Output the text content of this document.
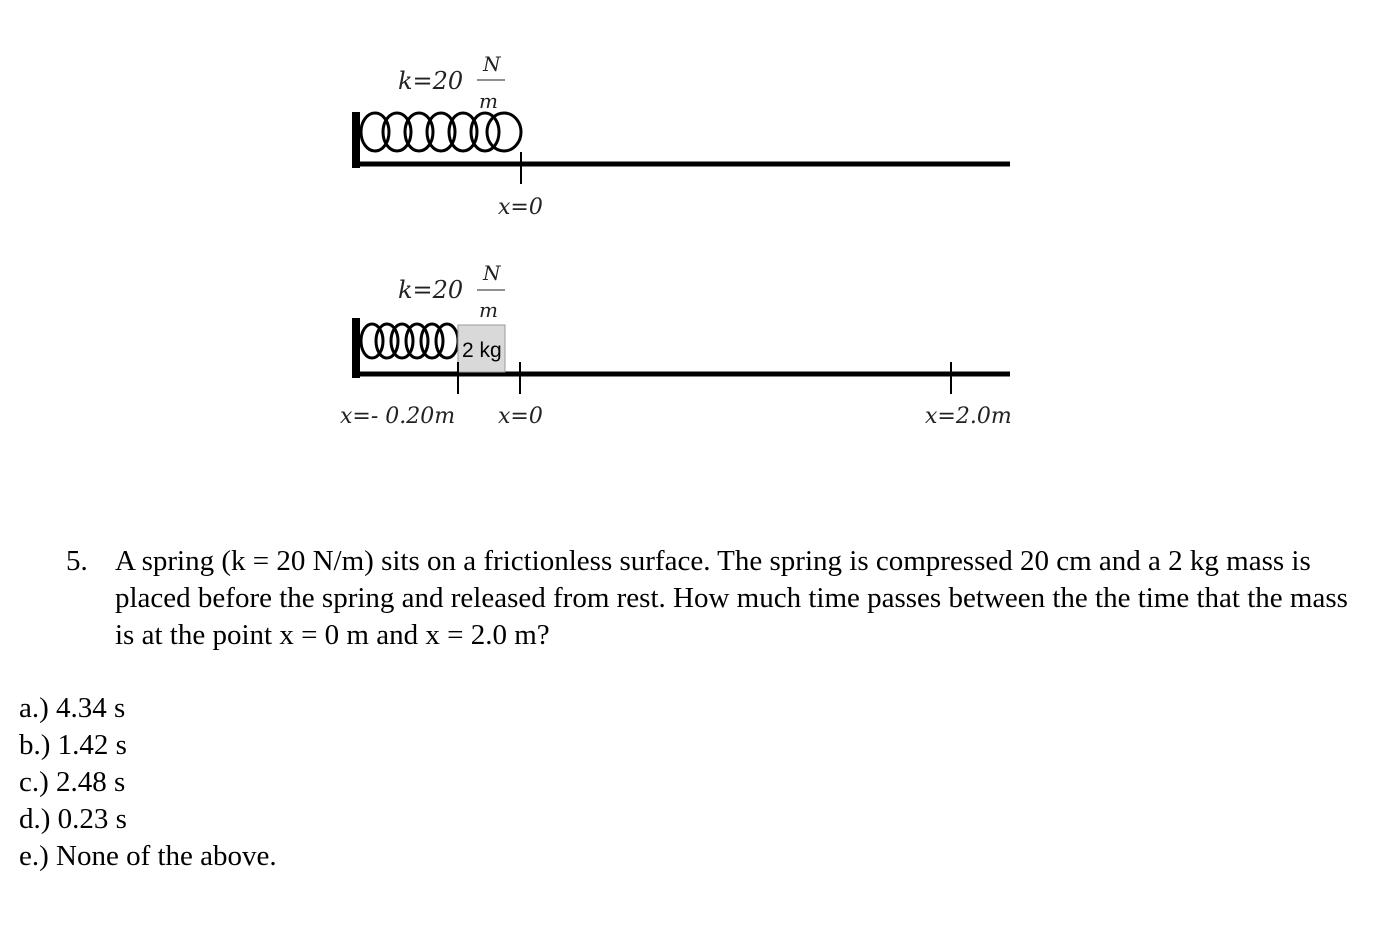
k=20
N
m
x=0
k=20
N
m
2 kg
x=- 0.20m x=0	x=2.0m
5. A spring (k = 20 N/m) sits on a frictionless surface. The spring is compressed 20 cm and a 2 kg mass is placed before the spring and released from rest. How much time passes between the the time that the mass is at the point x = 0 m and x = 2.0 m?
a.) 4.34 s
b.) 1.42 s
c.) 2.48 s
d.) 0.23 s
e.) None of the above.
